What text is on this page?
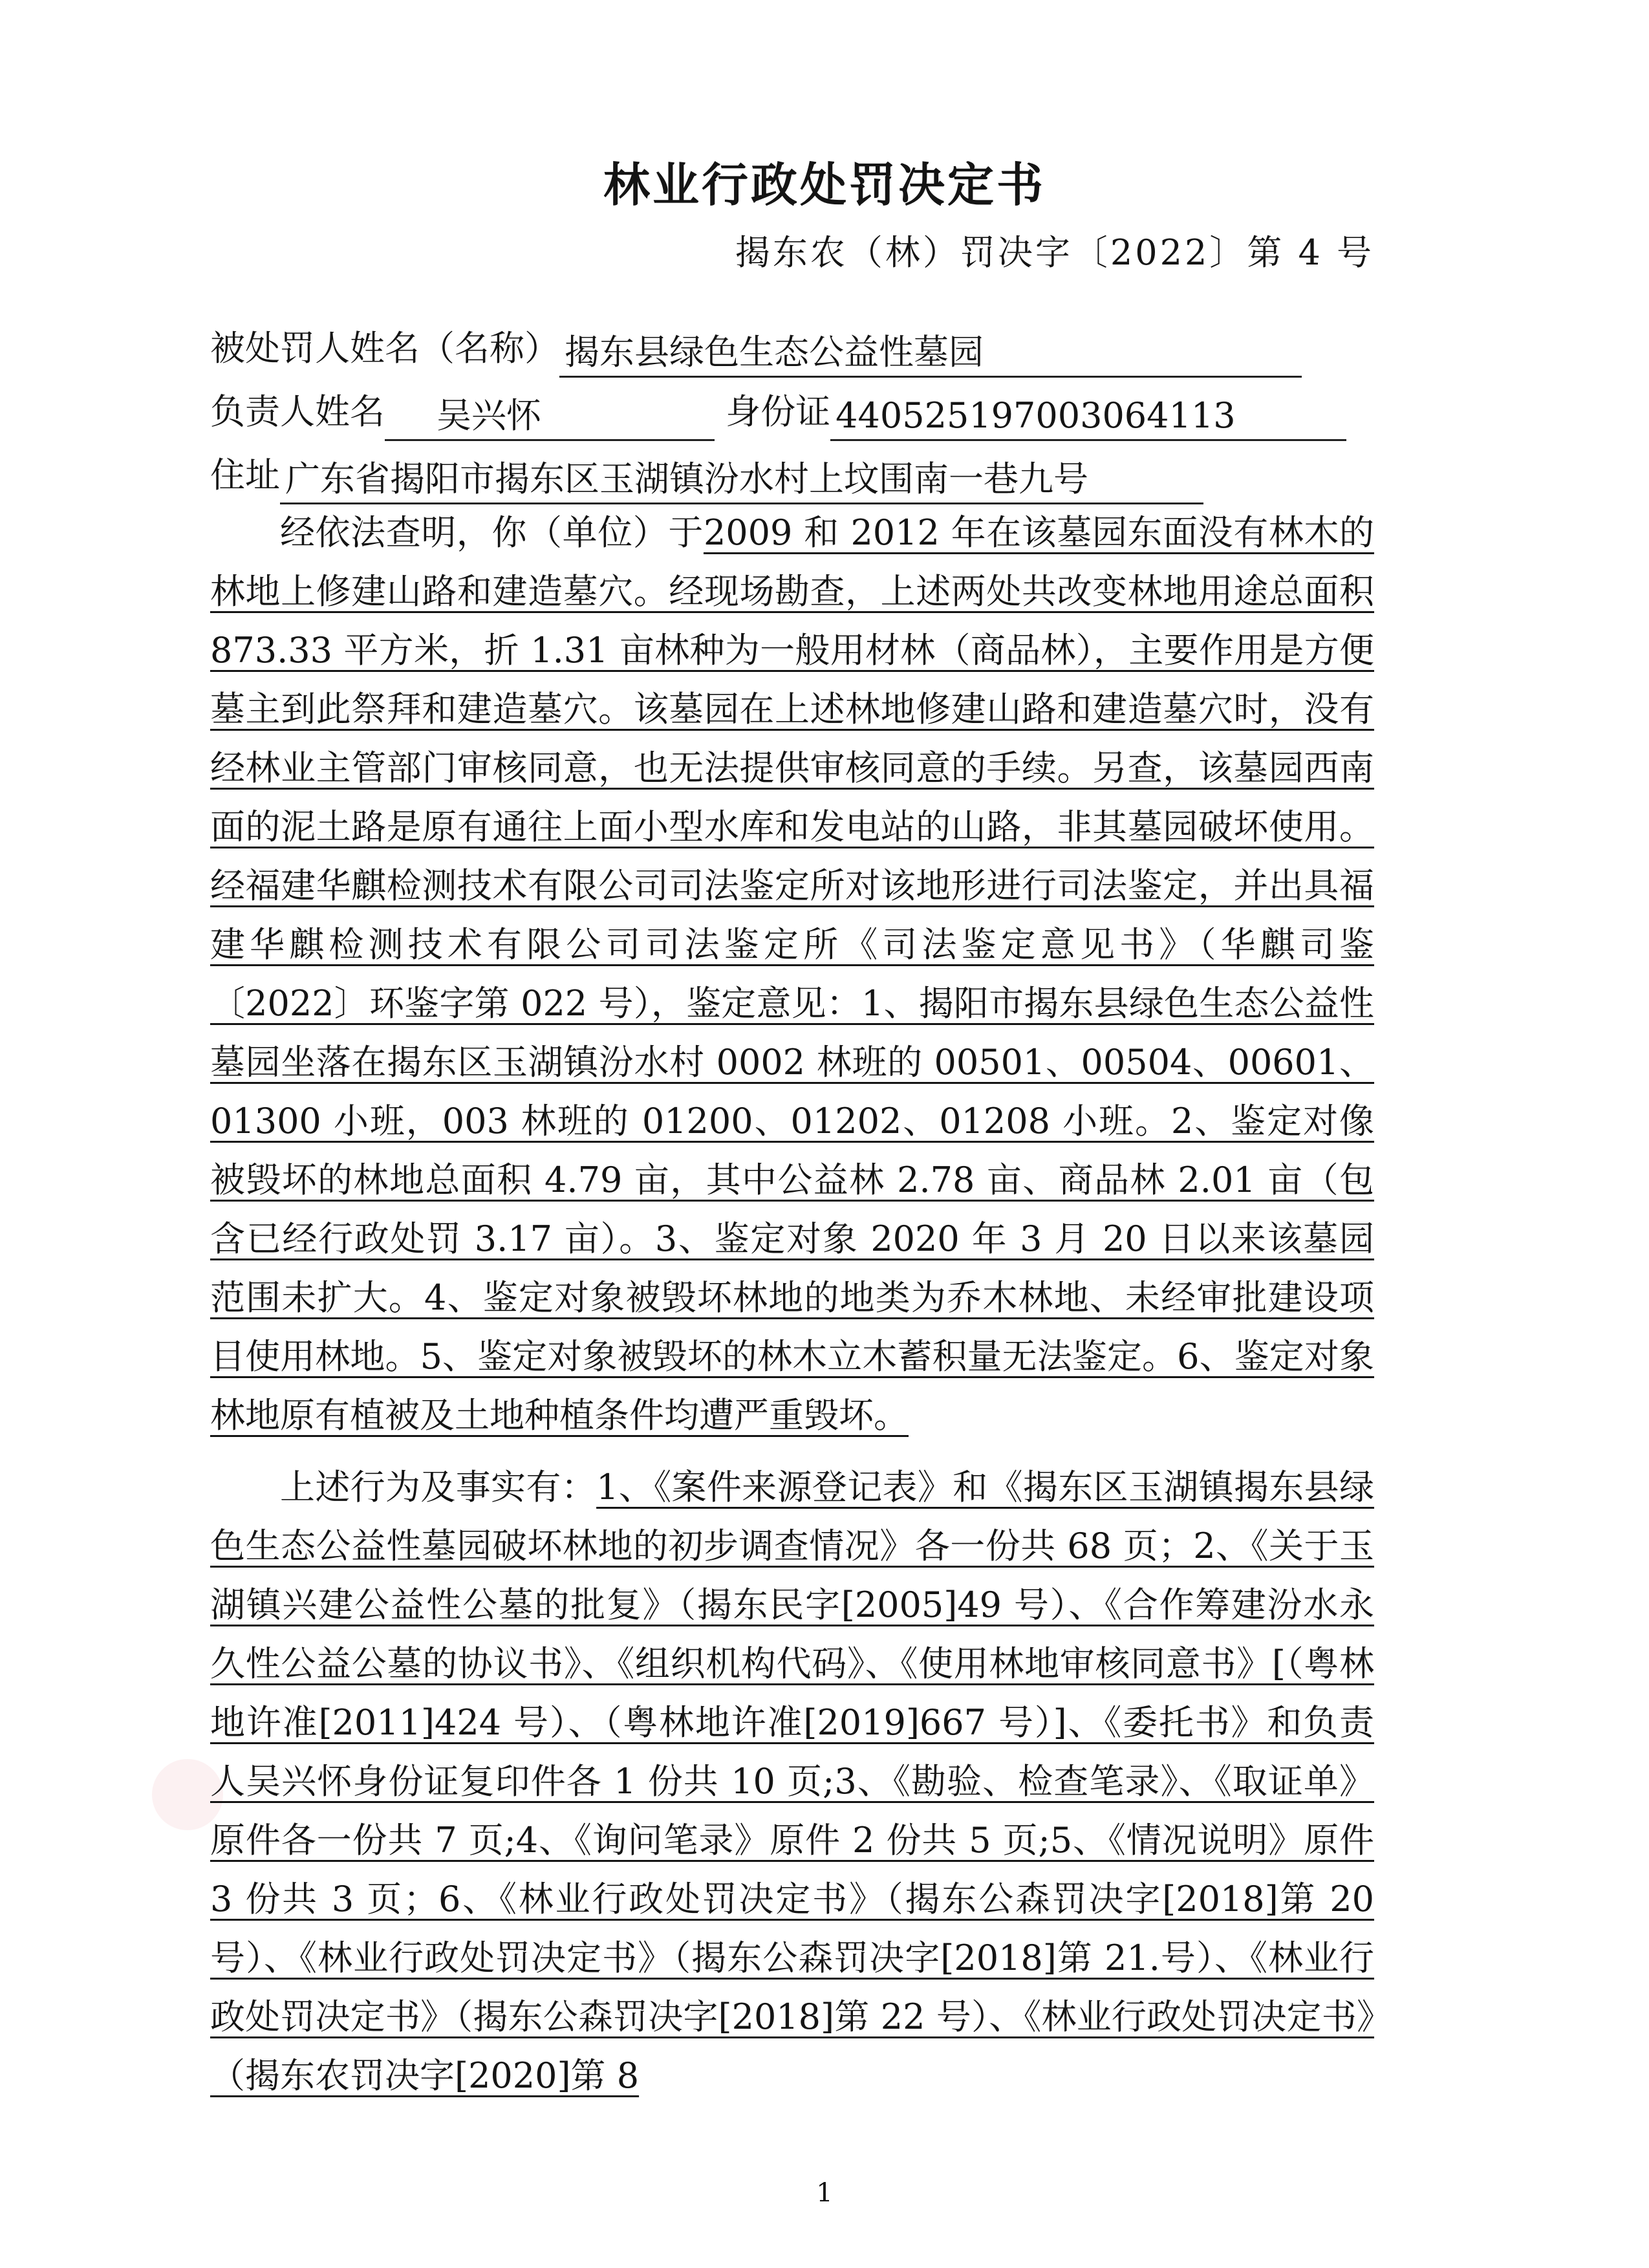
林业行政处罚决定书
揭东农（林）罚决字〔2022〕第 4 号
被处罚人姓名（名称） 揭东县绿色生态公益性墓园
负责人姓名 吴兴怀	身份证 440525197003064113
住址 广东省揭阳市揭东区玉湖镇汾水村上坟围南一巷九号

经依法查明，你（单位）于2009 和 2012 年在该墓园东面没有林木的林地上修建山路和建造墓穴。经现场勘查，上述两处共改变林地用途总面积 873.33 平方米，折 1.31 亩林种为一般用材林（商品林），主要作用是方便墓主到此祭拜和建造墓穴。该墓园在上述林地修建山路和建造墓穴时，没有经林业主管部门审核同意，也无法提供审核同意的手续。另查，该墓园西南面的泥土路是原有通往上面小型水库和发电站的山路，非其墓园破坏使用。经福建华麒检测技术有限公司司法鉴定所对该地形进行司法鉴定，并出具福建华麒检测技术有限公司司法鉴定所《司法鉴定意见书》（华麒司鉴〔2022〕环鉴字第 022 号），鉴定意见：1、揭阳市揭东县绿色生态公益性墓园坐落在揭东区玉湖镇汾水村 0002 林班的 00501、00504、00601、01300 小班，003 林班的 01200、01202、01208 小班。2、鉴定对像被毁坏的林地总面积 4.79 亩，其中公益林 2.78 亩、商品林 2.01 亩（包含已经行政处罚 3.17 亩）。3、鉴定对象 2020 年 3 月 20 日以来该墓园范围未扩大。4、鉴定对象被毁坏林地的地类为乔木林地、未经审批建设项目使用林地。5、鉴定对象被毁坏的林木立木蓄积量无法鉴定。6、鉴定对象林地原有植被及土地种植条件均遭严重毁坏。

上述行为及事实有：1、《案件来源登记表》和《揭东区玉湖镇揭东县绿色生态公益性墓园破坏林地的初步调查情况》各一份共 68 页；2、《关于玉湖镇兴建公益性公墓的批复》（揭东民字[2005]49 号）、《合作筹建汾水永久性公益公墓的协议书》、《组织机构代码》、《使用林地审核同意书》[（粤林地许准[2011]424 号）、（粤林地许准[2019]667 号）]、《委托书》和负责人吴兴怀身份证复印件各 1 份共 10 页;3、《勘验、检查笔录》、《取证单》原件各一份共 7 页;4、《询问笔录》原件 2 份共 5 页;5、《情况说明》原件 3 份共 3 页；6、《林业行政处罚决定书》（揭东公森罚决字[2018]第 20 号）、《林业行政处罚决定书》（揭东公森罚决字[2018]第 21.号）、《林业行政处罚决定书》（揭东公森罚决字[2018]第 22 号）、《林业行政处罚决定书》（揭东农罚决字[2020]第 8

1
